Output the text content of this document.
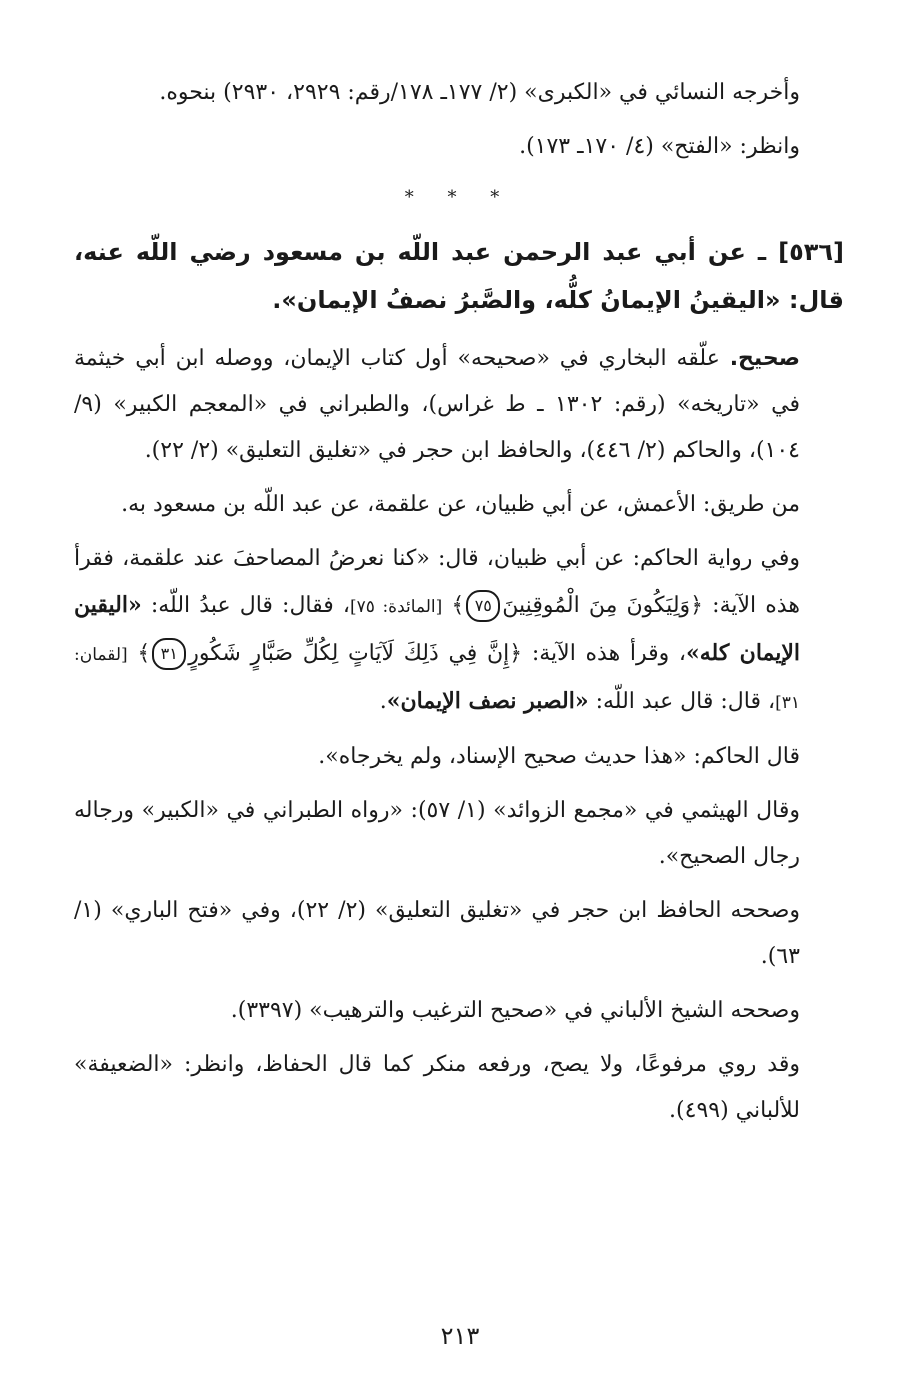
وأخرجه النسائي في «الكبرى» (٢/ ١٧٧ـ ١٧٨/رقم: ٢٩٢٩، ٢٩٣٠) بنحوه.

وانظر: «الفتح» (٤/ ١٧٠ـ ١٧٣).

* * *

[٥٣٦] ـ عن أبي عبد الرحمن عبد اللّه بن مسعود رضي اللّه عنه، قال: «اليقينُ الإيمانُ كلُّه، والصَّبرُ نصفُ الإيمان».

صحيح. علّقه البخاري في «صحيحه» أول كتاب الإيمان، ووصله ابن أبي خيثمة في «تاريخه» (رقم: ١٣٠٢ ـ ط غراس)، والطبراني في «المعجم الكبير» (٩/ ١٠٤)، والحاكم (٢/ ٤٤٦)، والحافظ ابن حجر في «تغليق التعليق» (٢/ ٢٢).

من طريق: الأعمش، عن أبي ظبيان، عن علقمة، عن عبد اللّه بن مسعود به.

وفي رواية الحاكم: عن أبي ظبيان، قال: «كنا نعرضُ المصاحفَ عند علقمة، فقرأ هذه الآية: ﴿وَلِيَكُونَ مِنَ الْمُوقِنِينَ٧٥﴾ [المائدة: ٧٥]، فقال: قال عبدُ اللّه: «اليقين الإيمان كله»، وقرأ هذه الآية: ﴿إِنَّ فِي ذَلِكَ لَآيَاتٍ لِكُلِّ صَبَّارٍ شَكُورٍ٣١﴾ [لقمان: ٣١]، قال: قال عبد اللّه: «الصبر نصف الإيمان».

قال الحاكم: «هذا حديث صحيح الإسناد، ولم يخرجاه».

وقال الهيثمي في «مجمع الزوائد» (١/ ٥٧): «رواه الطبراني في «الكبير» ورجاله رجال الصحيح».

وصححه الحافظ ابن حجر في «تغليق التعليق» (٢/ ٢٢)، وفي «فتح الباري» (١/ ٦٣).

وصححه الشيخ الألباني في «صحيح الترغيب والترهيب» (٣٣٩٧).

وقد روي مرفوعًا، ولا يصح، ورفعه منكر كما قال الحفاظ، وانظر: «الضعيفة» للألباني (٤٩٩).

٢١٣
